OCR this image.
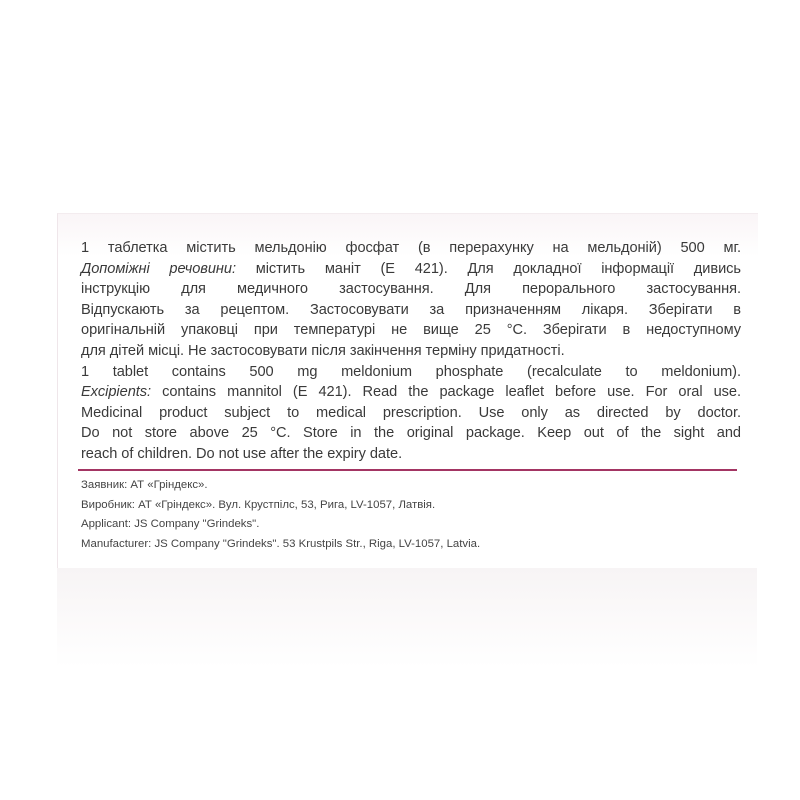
1 таблетка містить мельдонію фосфат (в перерахунку на мельдоній) 500 мг.
Допоміжні речовини: містить маніт (Е 421). Для докладної інформації дивись
інструкцію для медичного застосування. Для перорального застосування.
Відпускають за рецептом. Застосовувати за призначенням лікаря. Зберігати в
оригінальній упаковці при температурі не вище 25 °С. Зберігати в недоступному
для дітей місці. Не застосовувати після закінчення терміну придатності.
1 tablet contains 500 mg meldonium phosphate (recalculate to meldonium).
Excipients: contains mannitol (E 421). Read the package leaflet before use. For oral use.
Medicinal product subject to medical prescription. Use only as directed by doctor.
Do not store above 25 °C. Store in the original package. Keep out of the sight and
reach of children. Do not use after the expiry date.
Заявник: АТ «Гріндекс».
Виробник: АТ «Гріндекс». Вул. Крустпілс, 53, Рига, LV-1057, Латвія.
Applicant: JS Company "Grindeks".
Manufacturer: JS Company "Grindeks". 53 Krustpils Str., Riga, LV-1057, Latvia.
